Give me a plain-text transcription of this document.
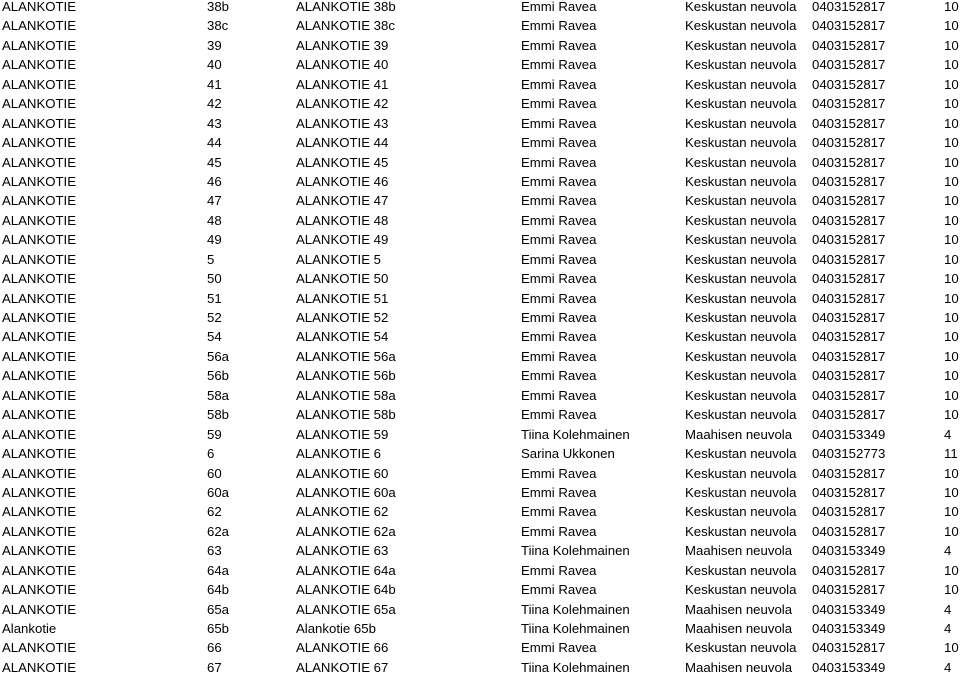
ALANKOTIE	38b	ALANKOTIE 38b	Emmi Ravea	Keskustan neuvola 0403152817	10
ALANKOTIE	38c	ALANKOTIE 38c	Emmi Ravea	Keskustan neuvola 0403152817	10
ALANKOTIE	39	ALANKOTIE 39	Emmi Ravea	Keskustan neuvola 0403152817	10
ALANKOTIE	40	ALANKOTIE 40	Emmi Ravea	Keskustan neuvola 0403152817	10
ALANKOTIE	41	ALANKOTIE 41	Emmi Ravea	Keskustan neuvola 0403152817	10
ALANKOTIE	42	ALANKOTIE 42	Emmi Ravea	Keskustan neuvola 0403152817	10
ALANKOTIE	43	ALANKOTIE 43	Emmi Ravea	Keskustan neuvola 0403152817	10
ALANKOTIE	44	ALANKOTIE 44	Emmi Ravea	Keskustan neuvola 0403152817	10
ALANKOTIE	45	ALANKOTIE 45	Emmi Ravea	Keskustan neuvola 0403152817	10
ALANKOTIE	46	ALANKOTIE 46	Emmi Ravea	Keskustan neuvola 0403152817	10
ALANKOTIE	47	ALANKOTIE 47	Emmi Ravea	Keskustan neuvola 0403152817	10
ALANKOTIE	48	ALANKOTIE 48	Emmi Ravea	Keskustan neuvola 0403152817	10
ALANKOTIE	49	ALANKOTIE 49	Emmi Ravea	Keskustan neuvola 0403152817	10
ALANKOTIE	5	ALANKOTIE 5	Emmi Ravea	Keskustan neuvola 0403152817	10
ALANKOTIE	50	ALANKOTIE 50	Emmi Ravea	Keskustan neuvola 0403152817	10
ALANKOTIE	51	ALANKOTIE 51	Emmi Ravea	Keskustan neuvola 0403152817	10
ALANKOTIE	52	ALANKOTIE 52	Emmi Ravea	Keskustan neuvola 0403152817	10
ALANKOTIE	54	ALANKOTIE 54	Emmi Ravea	Keskustan neuvola 0403152817	10
ALANKOTIE	56a	ALANKOTIE 56a	Emmi Ravea	Keskustan neuvola 0403152817	10
ALANKOTIE	56b	ALANKOTIE 56b	Emmi Ravea	Keskustan neuvola 0403152817	10
ALANKOTIE	58a	ALANKOTIE 58a	Emmi Ravea	Keskustan neuvola 0403152817	10
ALANKOTIE	58b	ALANKOTIE 58b	Emmi Ravea	Keskustan neuvola 0403152817	10
ALANKOTIE	59	ALANKOTIE 59	Tiina Kolehmainen	Maahisen neuvola 0403153349	4
ALANKOTIE	6	ALANKOTIE 6	Sarina Ukkonen	Keskustan neuvola 0403152773	11
ALANKOTIE	60	ALANKOTIE 60	Emmi Ravea	Keskustan neuvola 0403152817	10
ALANKOTIE	60a	ALANKOTIE 60a	Emmi Ravea	Keskustan neuvola 0403152817	10
ALANKOTIE	62	ALANKOTIE 62	Emmi Ravea	Keskustan neuvola 0403152817	10
ALANKOTIE	62a	ALANKOTIE 62a	Emmi Ravea	Keskustan neuvola 0403152817	10
ALANKOTIE	63	ALANKOTIE 63	Tiina Kolehmainen	Maahisen neuvola 0403153349	4
ALANKOTIE	64a	ALANKOTIE 64a	Emmi Ravea	Keskustan neuvola 0403152817	10
ALANKOTIE	64b	ALANKOTIE 64b	Emmi Ravea	Keskustan neuvola 0403152817	10
ALANKOTIE	65a	ALANKOTIE 65a	Tiina Kolehmainen	Maahisen neuvola 0403153349	4
Alankotie	65b	Alankotie 65b	Tiina Kolehmainen	Maahisen neuvola 0403153349	4
ALANKOTIE	66	ALANKOTIE 66	Emmi Ravea	Keskustan neuvola 0403152817	10
ALANKOTIE	67	ALANKOTIE 67	Tiina Kolehmainen	Maahisen neuvola 0403153349	4
